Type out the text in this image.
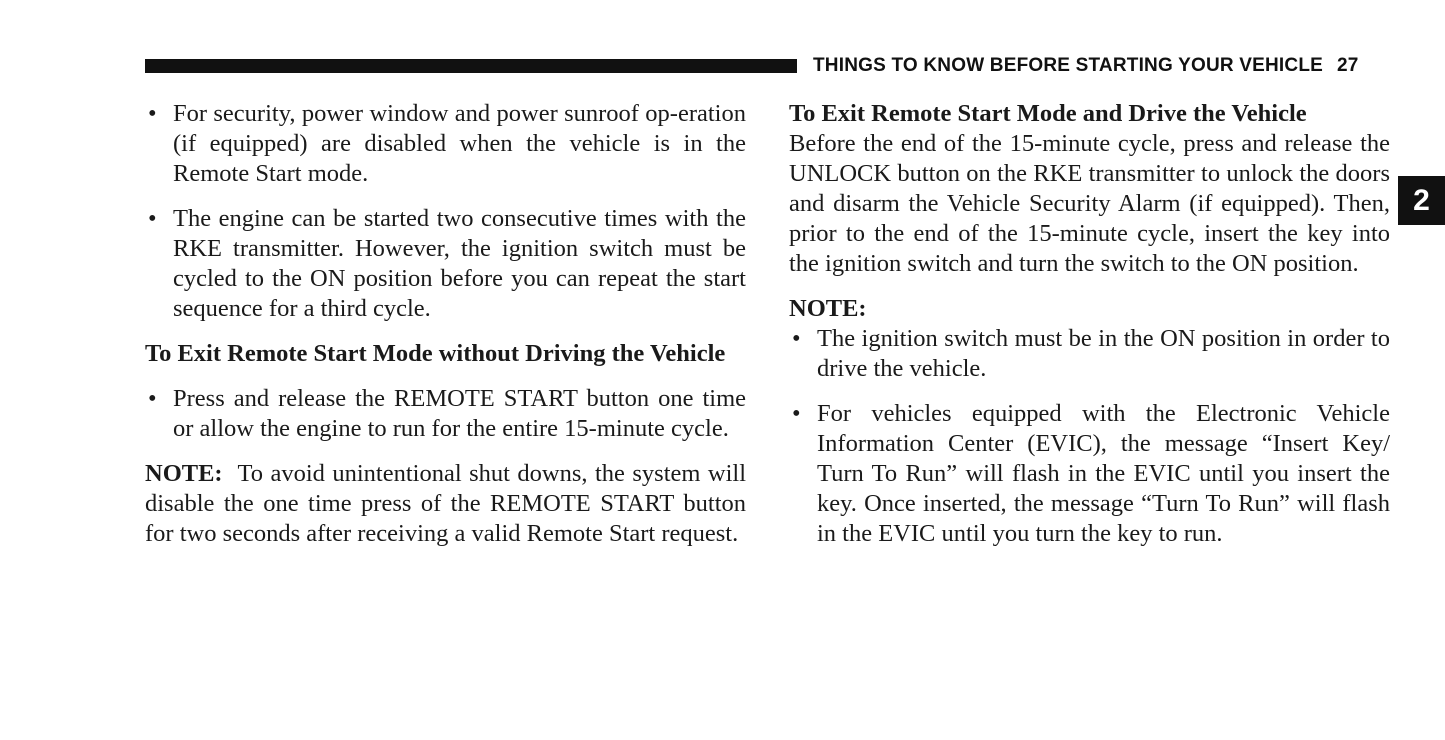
THINGS TO KNOW BEFORE STARTING YOUR VEHICLE 27
2
• For security, power window and power sunroof op-eration (if equipped) are disabled when the vehicle is in the Remote Start mode.
• The engine can be started two consecutive times with the RKE transmitter. However, the ignition switch must be cycled to the ON position before you can repeat the start sequence for a third cycle.

To Exit Remote Start Mode without Driving the Vehicle

• Press and release the REMOTE START button one time or allow the engine to run for the entire 15-minute cycle.

NOTE: To avoid unintentional shut downs, the system will disable the one time press of the REMOTE START button for two seconds after receiving a valid Remote Start request.

To Exit Remote Start Mode and Drive the Vehicle

Before the end of the 15-minute cycle, press and release the UNLOCK button on the RKE transmitter to unlock the doors and disarm the Vehicle Security Alarm (if equipped). Then, prior to the end of the 15-minute cycle, insert the key into the ignition switch and turn the switch to the ON position.

NOTE:

• The ignition switch must be in the ON position in order to drive the vehicle.
• For vehicles equipped with the Electronic Vehicle Information Center (EVIC), the message “Insert Key/ Turn To Run” will flash in the EVIC until you insert the key. Once inserted, the message “Turn To Run” will flash in the EVIC until you turn the key to run.
